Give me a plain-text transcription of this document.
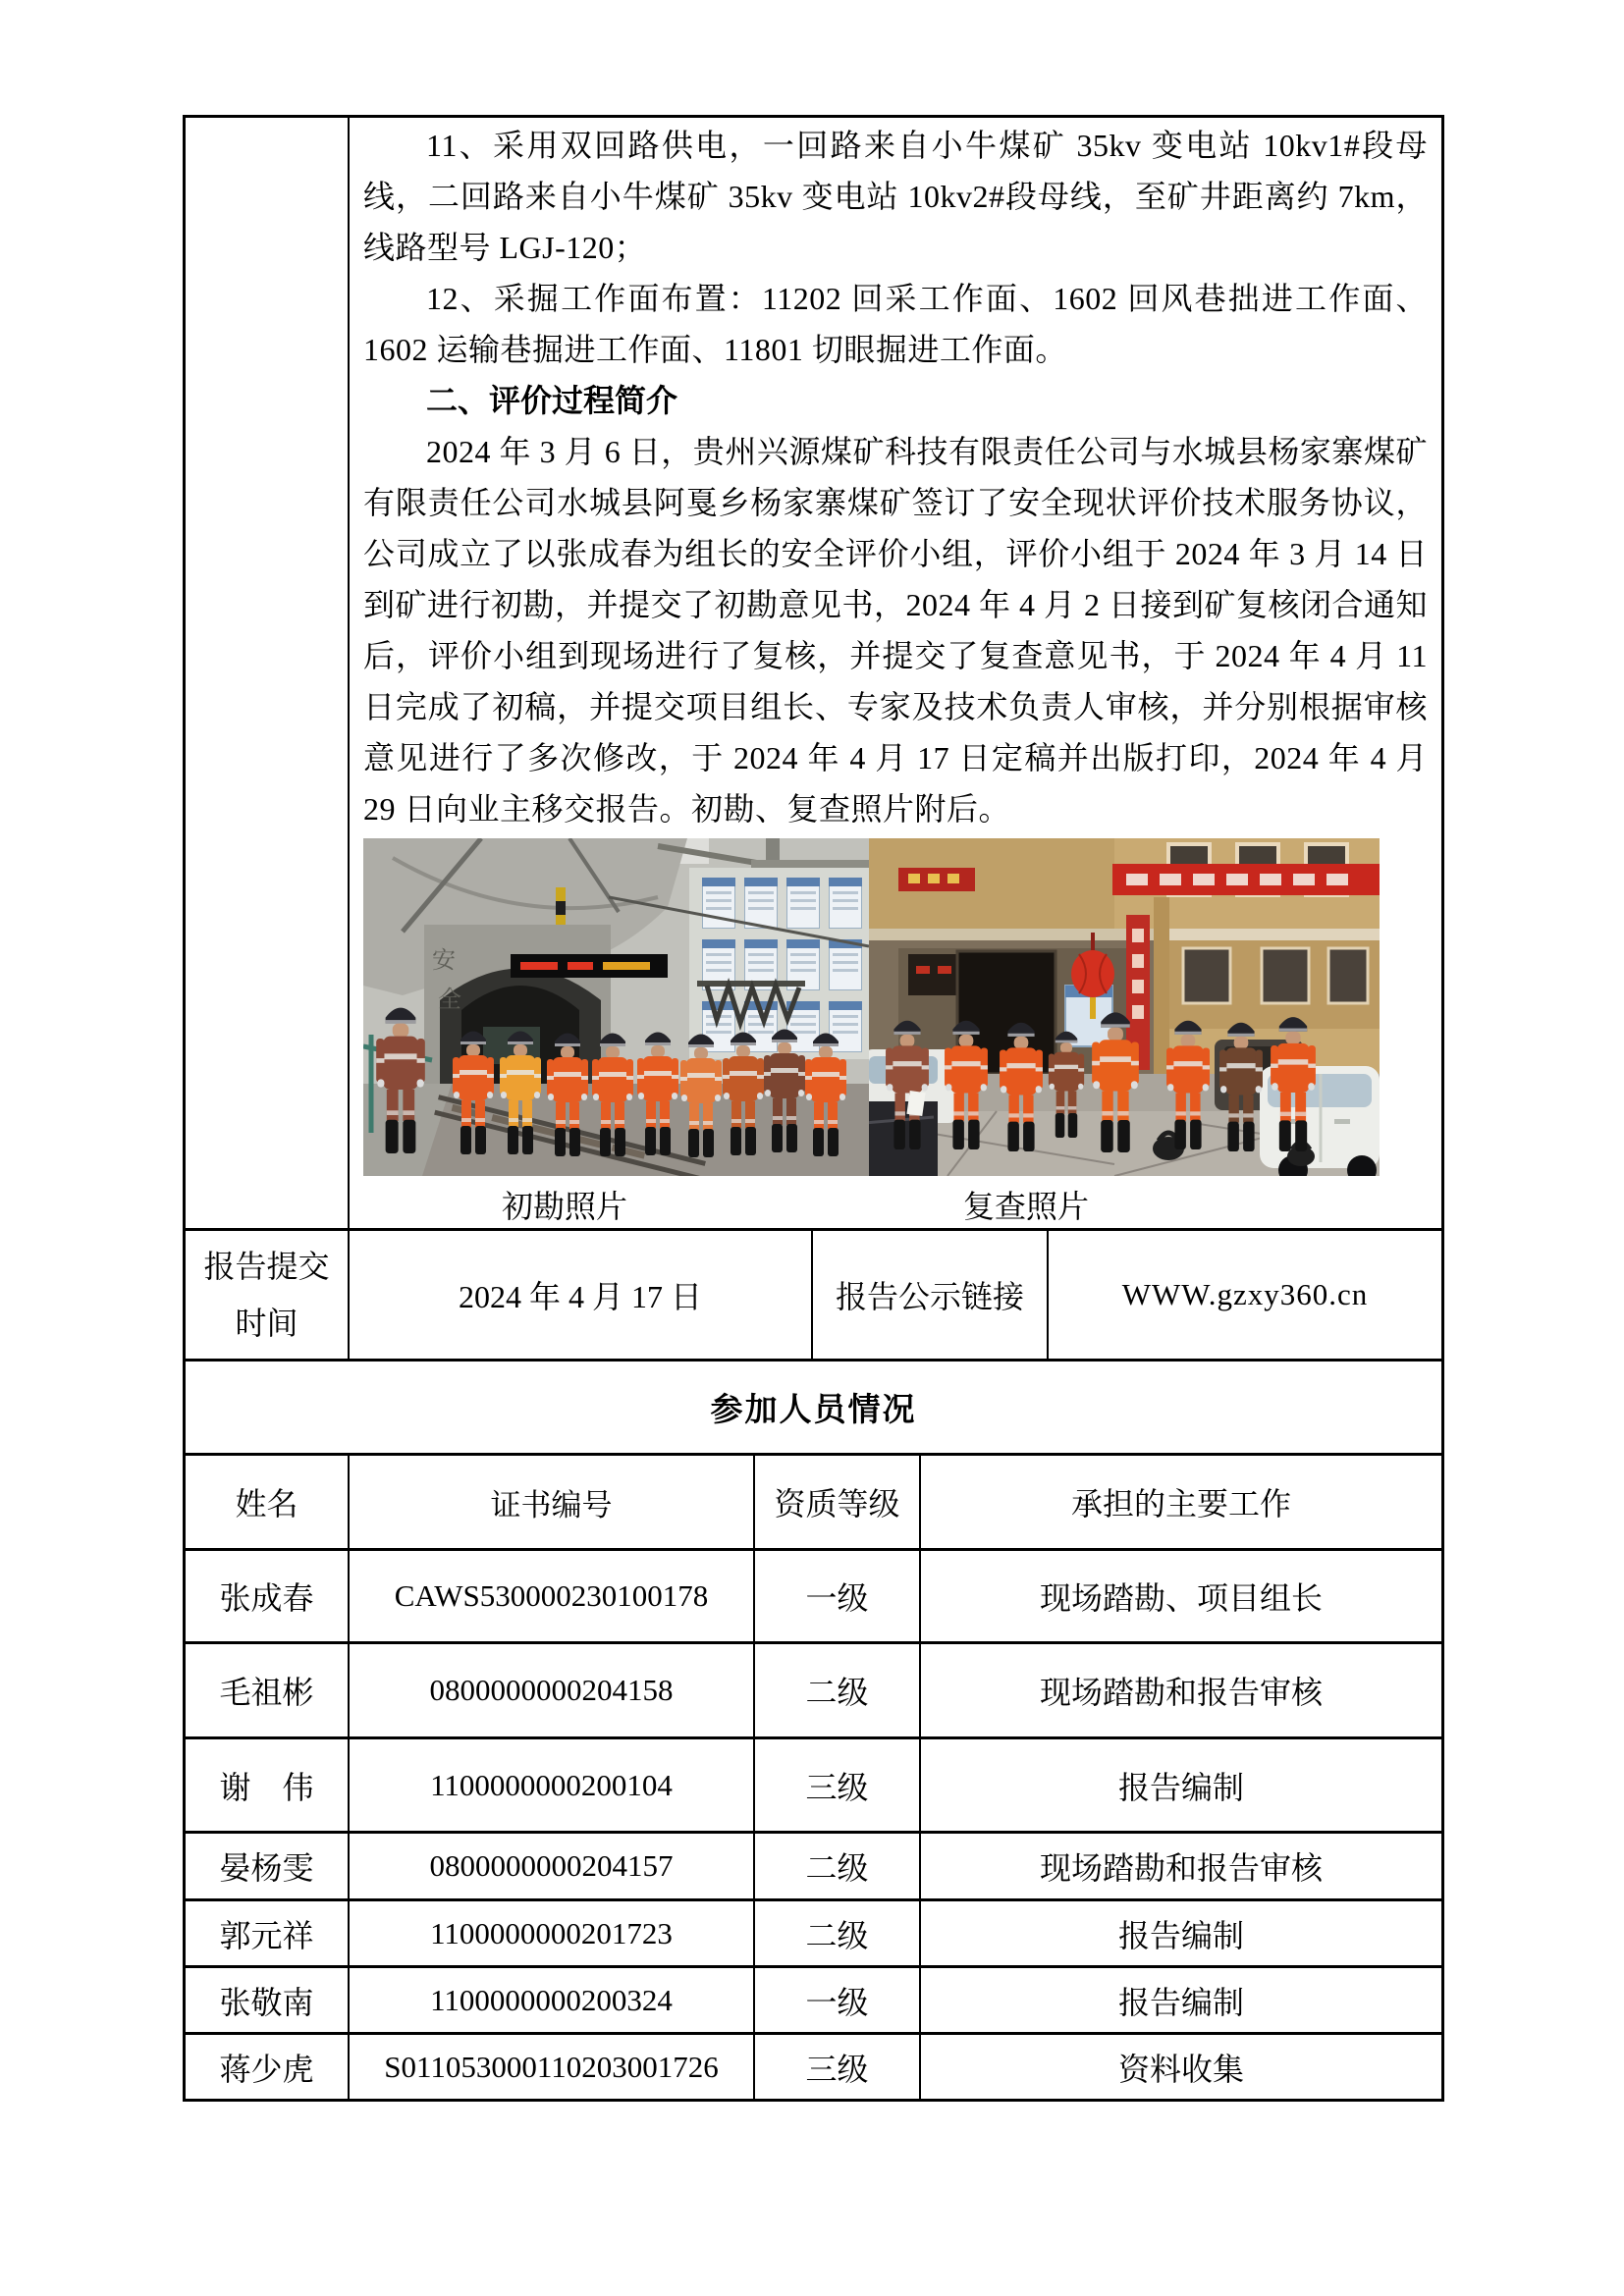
11、采用双回路供电，一回路来自小牛煤矿 35kv 变电站 10kv1#段母线，二回路来自小牛煤矿 35kv 变电站 10kv2#段母线，至矿井距离约 7km，线路型号 LGJ-120；

12、采掘工作面布置：11202 回采工作面、1602 回风巷拙进工作面、1602 运输巷掘进工作面、11801 切眼掘进工作面。

二、评价过程简介

2024 年 3 月 6 日，贵州兴源煤矿科技有限责任公司与水城县杨家寨煤矿有限责任公司水城县阿戛乡杨家寨煤矿签订了安全现状评价技术服务协议，公司成立了以张成春为组长的安全评价小组，评价小组于 2024 年 3 月 14 日到矿进行初勘，并提交了初勘意见书，2024 年 4 月 2 日接到矿复核闭合通知后，评价小组到现场进行了复核，并提交了复查意见书，于 2024 年 4 月 11 日完成了初稿，并提交项目组长、专家及技术负责人审核，并分别根据审核意见进行了多次修改，于 2024 年 4 月 17 日定稿并出版打印，2024 年 4 月 29 日向业主移交报告。初勘、复查照片附后。

安
全
初勘照片	复查照片
报告提交
时间
2024 年 4 月 17 日	报告公示链接	WWW.gzxy360.cn
参加人员情况
姓名	证书编号	资质等级	承担的主要工作
张成春	CAWS530000230100178	一级	现场踏勘、项目组长
毛祖彬	0800000000204158	二级	现场踏勘和报告审核
谢　伟	1100000000200104	三级	报告编制
晏杨雯	0800000000204157	二级	现场踏勘和报告审核
郭元祥	1100000000201723	二级	报告编制
张敬南	1100000000200324	一级	报告编制
蒋少虎	S011053000110203001726	三级	资料收集
